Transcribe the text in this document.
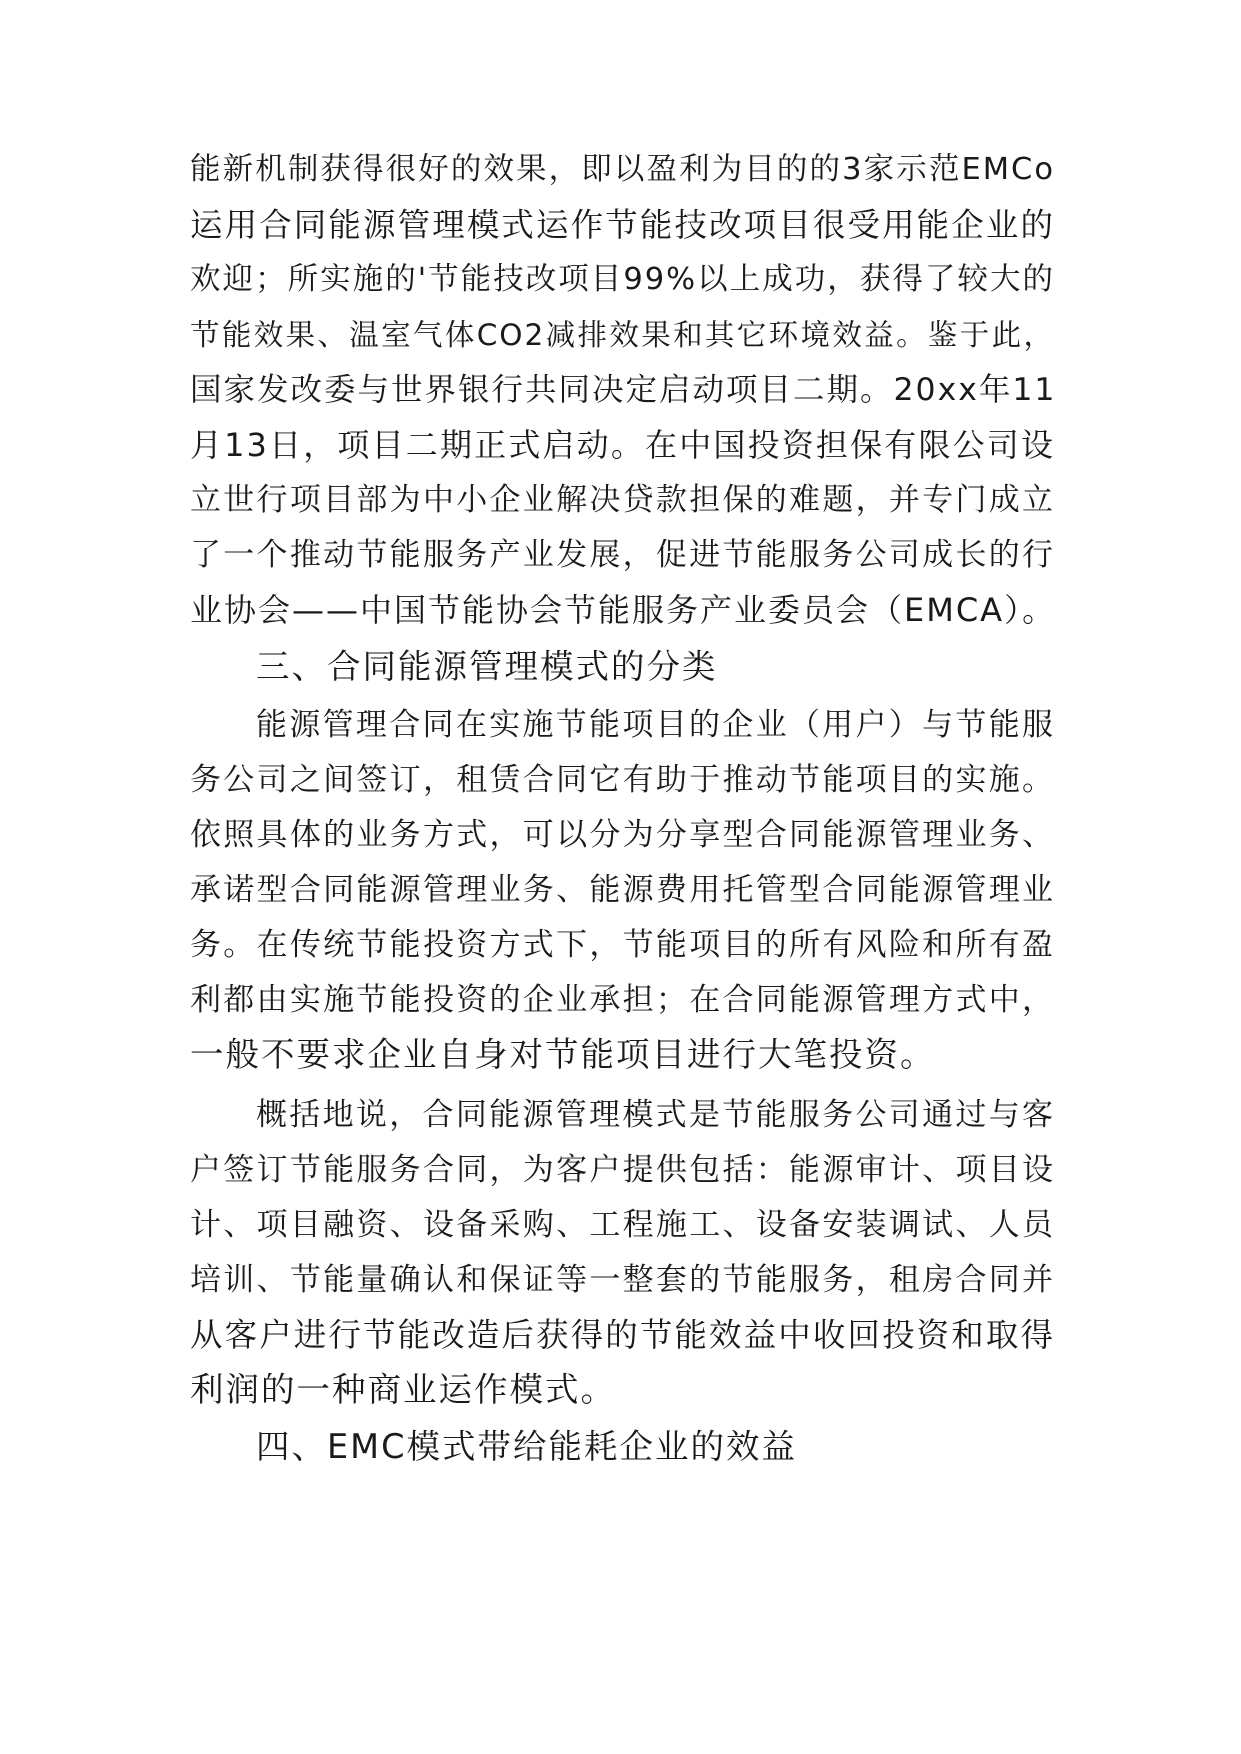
能新机制获得很好的效果，即以盈利为目的的3家示范EMCo
运用合同能源管理模式运作节能技改项目很受用能企业的
欢迎；所实施的'节能技改项目99%以上成功，获得了较大的
节能效果、温室气体CO2减排效果和其它环境效益。鉴于此，
国家发改委与世界银行共同决定启动项目二期。20xx年11
月13日，项目二期正式启动。在中国投资担保有限公司设
立世行项目部为中小企业解决贷款担保的难题，并专门成立
了一个推动节能服务产业发展，促进节能服务公司成长的行
业协会——中国节能协会节能服务产业委员会（EMCA）。
三、合同能源管理模式的分类
能源管理合同在实施节能项目的企业（用户）与节能服
务公司之间签订，租赁合同它有助于推动节能项目的实施。
依照具体的业务方式，可以分为分享型合同能源管理业务、
承诺型合同能源管理业务、能源费用托管型合同能源管理业
务。在传统节能投资方式下，节能项目的所有风险和所有盈
利都由实施节能投资的企业承担；在合同能源管理方式中，
一般不要求企业自身对节能项目进行大笔投资。
概括地说，合同能源管理模式是节能服务公司通过与客
户签订节能服务合同，为客户提供包括：能源审计、项目设
计、项目融资、设备采购、工程施工、设备安装调试、人员
培训、节能量确认和保证等一整套的节能服务，租房合同并
从客户进行节能改造后获得的节能效益中收回投资和取得
利润的一种商业运作模式。
四、EMC模式带给能耗企业的效益
